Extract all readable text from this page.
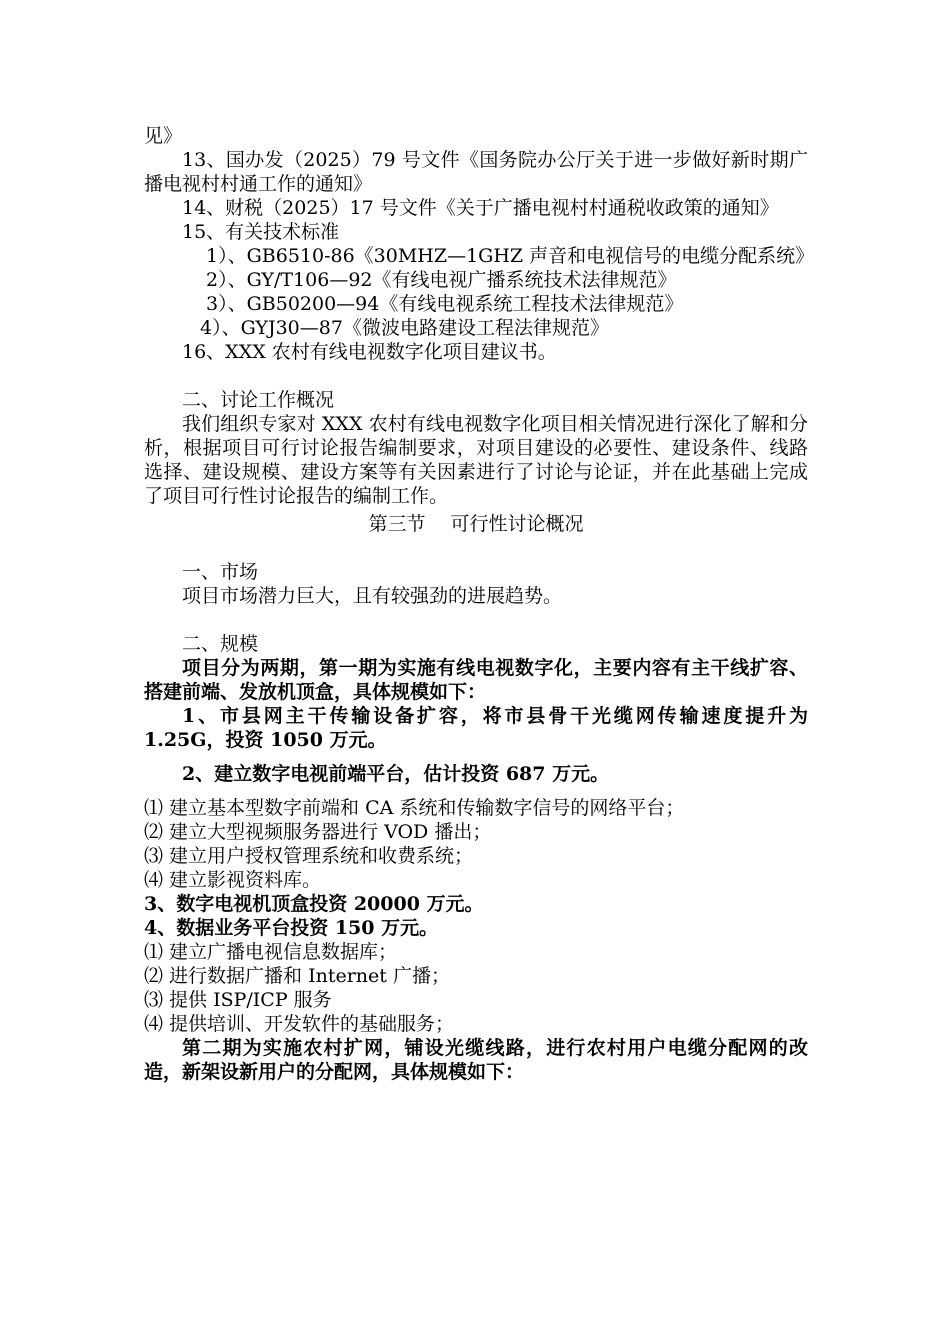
见》

13、国办发（2025）79 号文件《国务院办公厅关于进一步做好新时期广播电视村村通工作的通知》

14、财税（2025）17 号文件《关于广播电视村村通税收政策的通知》

15、有关技术标准

1）、GB6510-86《30MHZ—1GHZ 声音和电视信号的电缆分配系统》

2）、GY/T106—92《有线电视广播系统技术法律规范》

3）、GB50200—94《有线电视系统工程技术法律规范》

4）、GYJ30—87《微波电路建设工程法律规范》

16、XXX 农村有线电视数字化项目建议书。

二、讨论工作概况

我们组织专家对 XXX 农村有线电视数字化项目相关情况进行深化了解和分析，根据项目可行讨论报告编制要求，对项目建设的必要性、建设条件、线路选择、建设规模、建设方案等有关因素进行了讨论与论证，并在此基础上完成了项目可行性讨论报告的编制工作。

第三节　 可行性讨论概况

一、市场

项目市场潜力巨大，且有较强劲的进展趋势。

二、规模

项目分为两期，第一期为实施有线电视数字化，主要内容有主干线扩容、搭建前端、发放机顶盒，具体规模如下：

1、市县网主干传输设备扩容，将市县骨干光缆网传输速度提升为 1.25G，投资 1050 万元。

2、建立数字电视前端平台，估计投资 687 万元。

⑴ 建立基本型数字前端和 CA 系统和传输数字信号的网络平台；

⑵ 建立大型视频服务器进行 VOD 播出；

⑶ 建立用户授权管理系统和收费系统；

⑷ 建立影视资料库。

3、数字电视机顶盒投资 20000 万元。

4、数据业务平台投资 150 万元。

⑴ 建立广播电视信息数据库；

⑵ 进行数据广播和 Internet 广播；

⑶ 提供 ISP/ICP 服务

⑷ 提供培训、开发软件的基础服务；

第二期为实施农村扩网，铺设光缆线路，进行农村用户电缆分配网的改造，新架设新用户的分配网，具体规模如下：
